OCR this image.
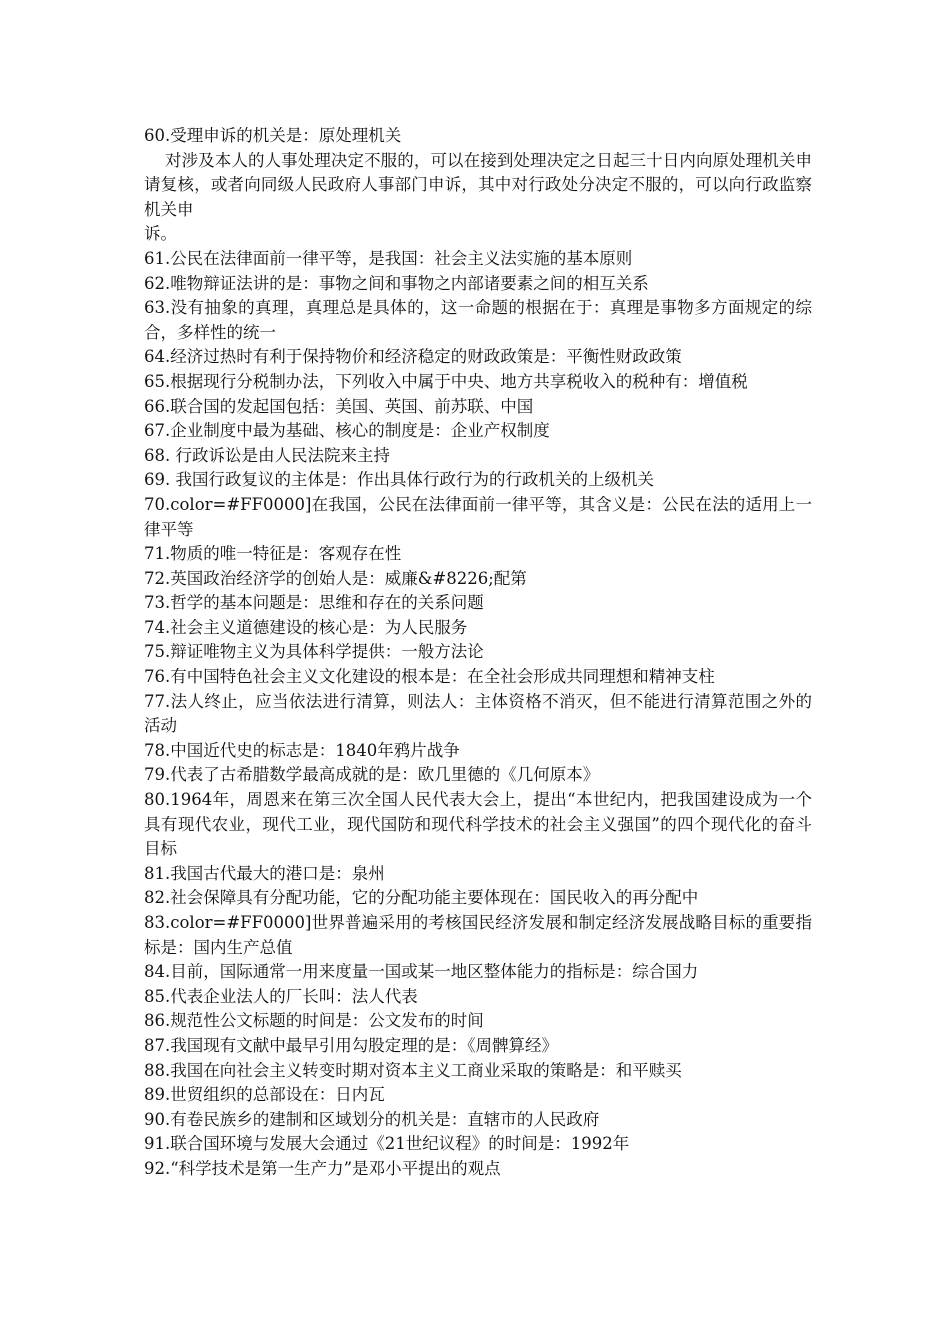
60.受理申诉的机关是：原处理机关
对涉及本人的人事处理决定不服的，可以在接到处理决定之日起三十日内向原处理机关申请复核，或者向同级人民政府人事部门申诉，其中对行政处分决定不服的，可以向行政监察机关申
诉。
61.公民在法律面前一律平等，是我国：社会主义法实施的基本原则
62.唯物辩证法讲的是：事物之间和事物之内部诸要素之间的相互关系
63.没有抽象的真理，真理总是具体的，这一命题的根据在于：真理是事物多方面规定的综合，多样性的统一
64.经济过热时有利于保持物价和经济稳定的财政政策是：平衡性财政政策
65.根据现行分税制办法，下列收入中属于中央、地方共享税收入的税种有：增值税
66.联合国的发起国包括：美国、英国、前苏联、中国
67.企业制度中最为基础、核心的制度是：企业产权制度
68. 行政诉讼是由人民法院来主持
69. 我国行政复议的主体是：作出具体行政行为的行政机关的上级机关
70.color=#FF0000]在我国，公民在法律面前一律平等，其含义是：公民在法的适用上一律平等
71.物质的唯一特征是：客观存在性
72.英国政治经济学的创始人是：威廉&#8226;配第
73.哲学的基本问题是：思维和存在的关系问题
74.社会主义道德建设的核心是：为人民服务
75.辩证唯物主义为具体科学提供：一般方法论
76.有中国特色社会主义文化建设的根本是：在全社会形成共同理想和精神支柱
77.法人终止，应当依法进行清算，则法人：主体资格不消灭，但不能进行清算范围之外的活动
78.中国近代史的标志是：1840年鸦片战争
79.代表了古希腊数学最高成就的是：欧几里德的《几何原本》
80.1964年，周恩来在第三次全国人民代表大会上，提出“本世纪内，把我国建设成为一个具有现代农业，现代工业，现代国防和现代科学技术的社会主义强国”的四个现代化的奋斗目标
81.我国古代最大的港口是：泉州
82.社会保障具有分配功能，它的分配功能主要体现在：国民收入的再分配中
83.color=#FF0000]世界普遍采用的考核国民经济发展和制定经济发展战略目标的重要指标是：国内生产总值
84.目前，国际通常一用来度量一国或某一地区整体能力的指标是：综合国力
85.代表企业法人的厂长叫：法人代表
86.规范性公文标题的时间是：公文发布的时间
87.我国现有文献中最早引用勾股定理的是：《周髀算经》
88.我国在向社会主义转变时期对资本主义工商业采取的策略是：和平赎买
89.世贸组织的总部设在：日内瓦
90.有卷民族乡的建制和区域划分的机关是：直辖市的人民政府
91.联合国环境与发展大会通过《21世纪议程》的时间是：1992年
92.“科学技术是第一生产力”是邓小平提出的观点
